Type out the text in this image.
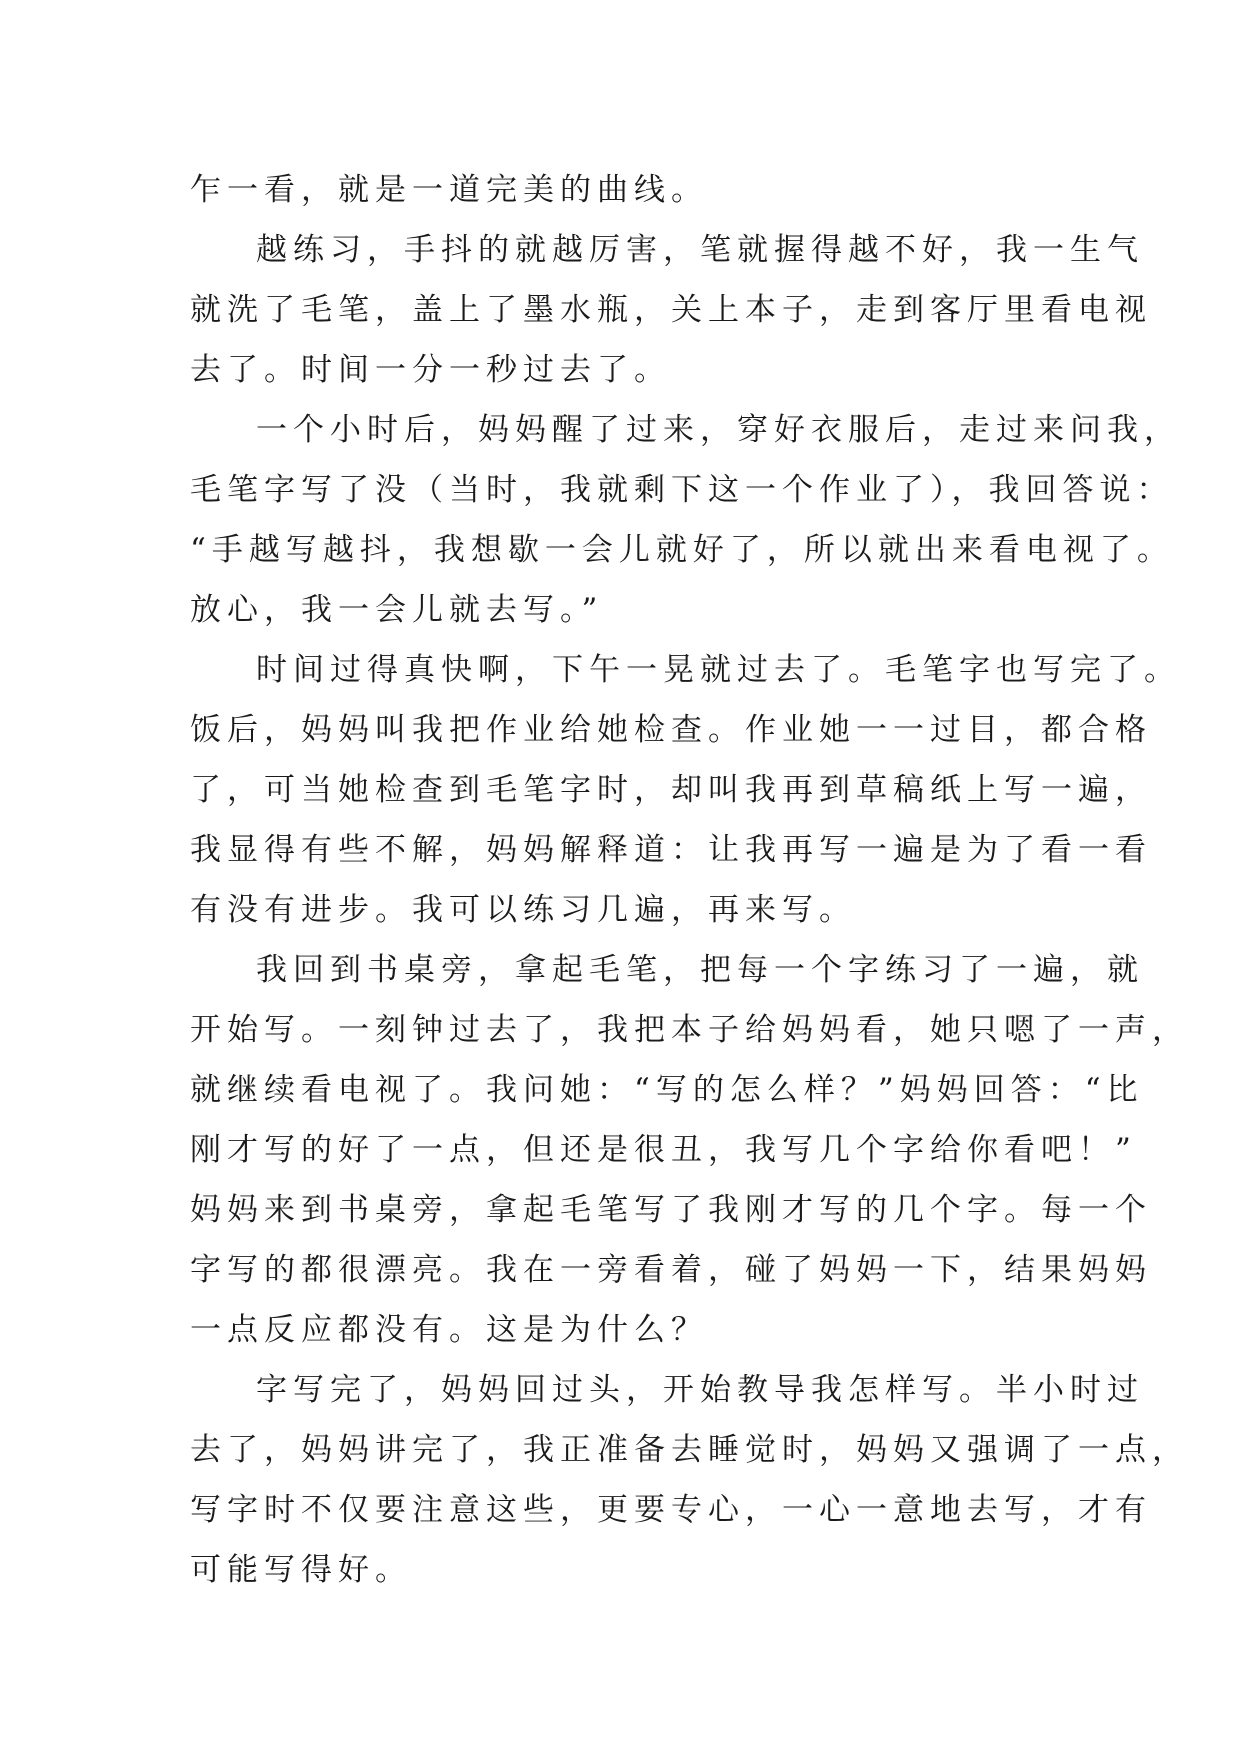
乍一看，就是一道完美的曲线。

越练习，手抖的就越厉害，笔就握得越不好，我一生气

就洗了毛笔，盖上了墨水瓶，关上本子，走到客厅里看电视

去了。时间一分一秒过去了。

一个小时后，妈妈醒了过来，穿好衣服后，走过来问我，

毛笔字写了没（当时，我就剩下这一个作业了），我回答说：

“手越写越抖，我想歇一会儿就好了，所以就出来看电视了。

放心，我一会儿就去写。”

时间过得真快啊，下午一晃就过去了。毛笔字也写完了。

饭后，妈妈叫我把作业给她检查。作业她一一过目，都合格

了，可当她检查到毛笔字时，却叫我再到草稿纸上写一遍，

我显得有些不解，妈妈解释道：让我再写一遍是为了看一看

有没有进步。我可以练习几遍，再来写。

我回到书桌旁，拿起毛笔，把每一个字练习了一遍，就

开始写。一刻钟过去了，我把本子给妈妈看，她只嗯了一声，

就继续看电视了。我问她：“写的怎么样？”妈妈回答：“比

刚才写的好了一点，但还是很丑，我写几个字给你看吧！”

妈妈来到书桌旁，拿起毛笔写了我刚才写的几个字。每一个

字写的都很漂亮。我在一旁看着，碰了妈妈一下，结果妈妈

一点反应都没有。这是为什么？

字写完了，妈妈回过头，开始教导我怎样写。半小时过

去了，妈妈讲完了，我正准备去睡觉时，妈妈又强调了一点，

写字时不仅要注意这些，更要专心，一心一意地去写，才有

可能写得好。
